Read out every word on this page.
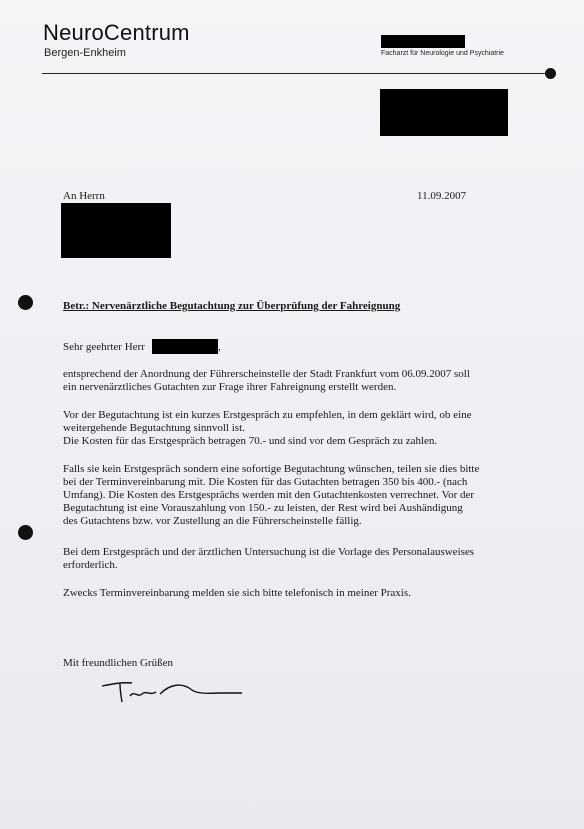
NeuroCentrum
Bergen-Enkheim	Facharzt für Neurologie und Psychiatrie
An Herrn	11.09.2007
Betr.: Nervenärztliche Begutachtung zur Überprüfung der Fahreignung
Sehr geehrter Herr	,
entsprechend der Anordnung der Führerscheinstelle der Stadt Frankfurt vom 06.09.2007 soll
ein nervenärztliches Gutachten zur Frage ihrer Fahreignung erstellt werden.
Vor der Begutachtung ist ein kurzes Erstgespräch zu empfehlen, in dem geklärt wird, ob eine
weitergehende Begutachtung sinnvoll ist.
Die Kosten für das Erstgespräch betragen 70.- und sind vor dem Gespräch zu zahlen.
Falls sie kein Erstgespräch sondern eine sofortige Begutachtung wünschen, teilen sie dies bitte
bei der Terminvereinbarung mit. Die Kosten für das Gutachten betragen 350 bis 400.- (nach
Umfang). Die Kosten des Erstgesprächs werden mit den Gutachtenkosten verrechnet. Vor der
Begutachtung ist eine Vorauszahlung von 150.- zu leisten, der Rest wird bei Aushändigung
des Gutachtens bzw. vor Zustellung an die Führerscheinstelle fällig.
Bei dem Erstgespräch und der ärztlichen Untersuchung ist die Vorlage des Personalausweises
erforderlich.
Zwecks Terminvereinbarung melden sie sich bitte telefonisch in meiner Praxis.
Mit freundlichen Grüßen
